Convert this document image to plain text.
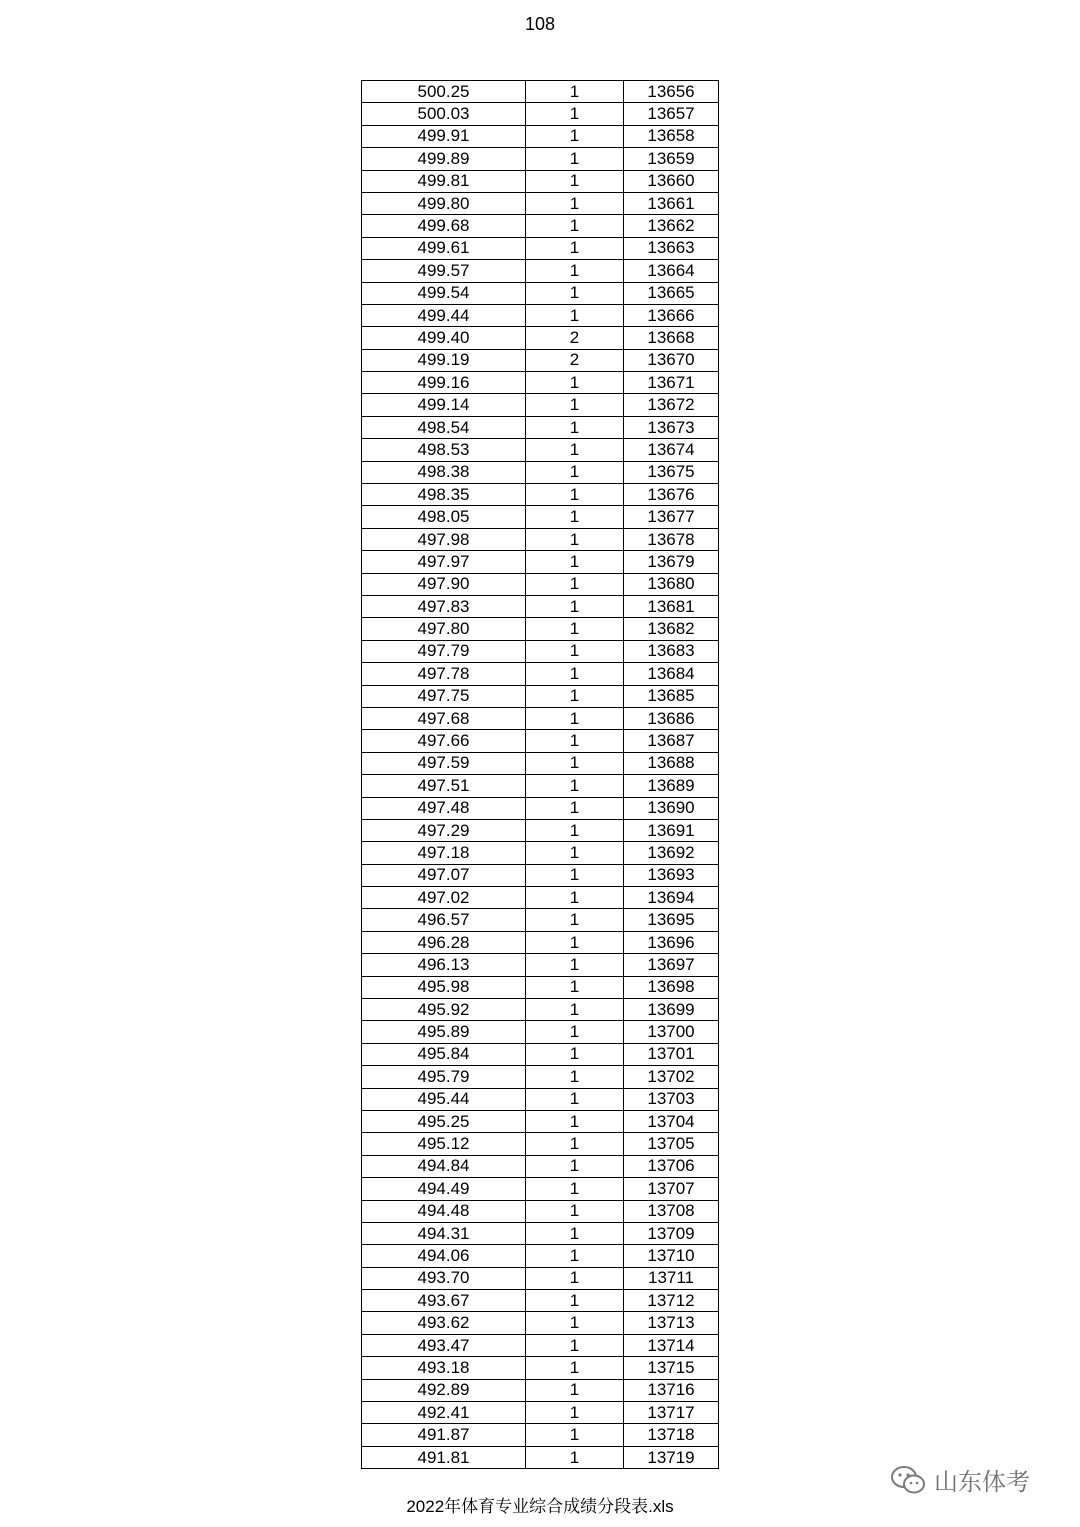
108
500.25	1	13656
500.03	1	13657
499.91	1	13658
499.89	1	13659
499.81	1	13660
499.80	1	13661
499.68	1	13662
499.61	1	13663
499.57	1	13664
499.54	1	13665
499.44	1	13666
499.40	2	13668
499.19	2	13670
499.16	1	13671
499.14	1	13672
498.54	1	13673
498.53	1	13674
498.38	1	13675
498.35	1	13676
498.05	1	13677
497.98	1	13678
497.97	1	13679
497.90	1	13680
497.83	1	13681
497.80	1	13682
497.79	1	13683
497.78	1	13684
497.75	1	13685
497.68	1	13686
497.66	1	13687
497.59	1	13688
497.51	1	13689
497.48	1	13690
497.29	1	13691
497.18	1	13692
497.07	1	13693
497.02	1	13694
496.57	1	13695
496.28	1	13696
496.13	1	13697
495.98	1	13698
495.92	1	13699
495.89	1	13700
495.84	1	13701
495.79	1	13702
495.44	1	13703
495.25	1	13704
495.12	1	13705
494.84	1	13706
494.49	1	13707
494.48	1	13708
494.31	1	13709
494.06	1	13710
493.70	1	13711
493.67	1	13712
493.62	1	13713
493.47	1	13714
493.18	1	13715
492.89	1	13716
492.41	1	13717
491.87	1	13718
491.81	1	13719
山东体考
2022年体育专业综合成绩分段表.xls
